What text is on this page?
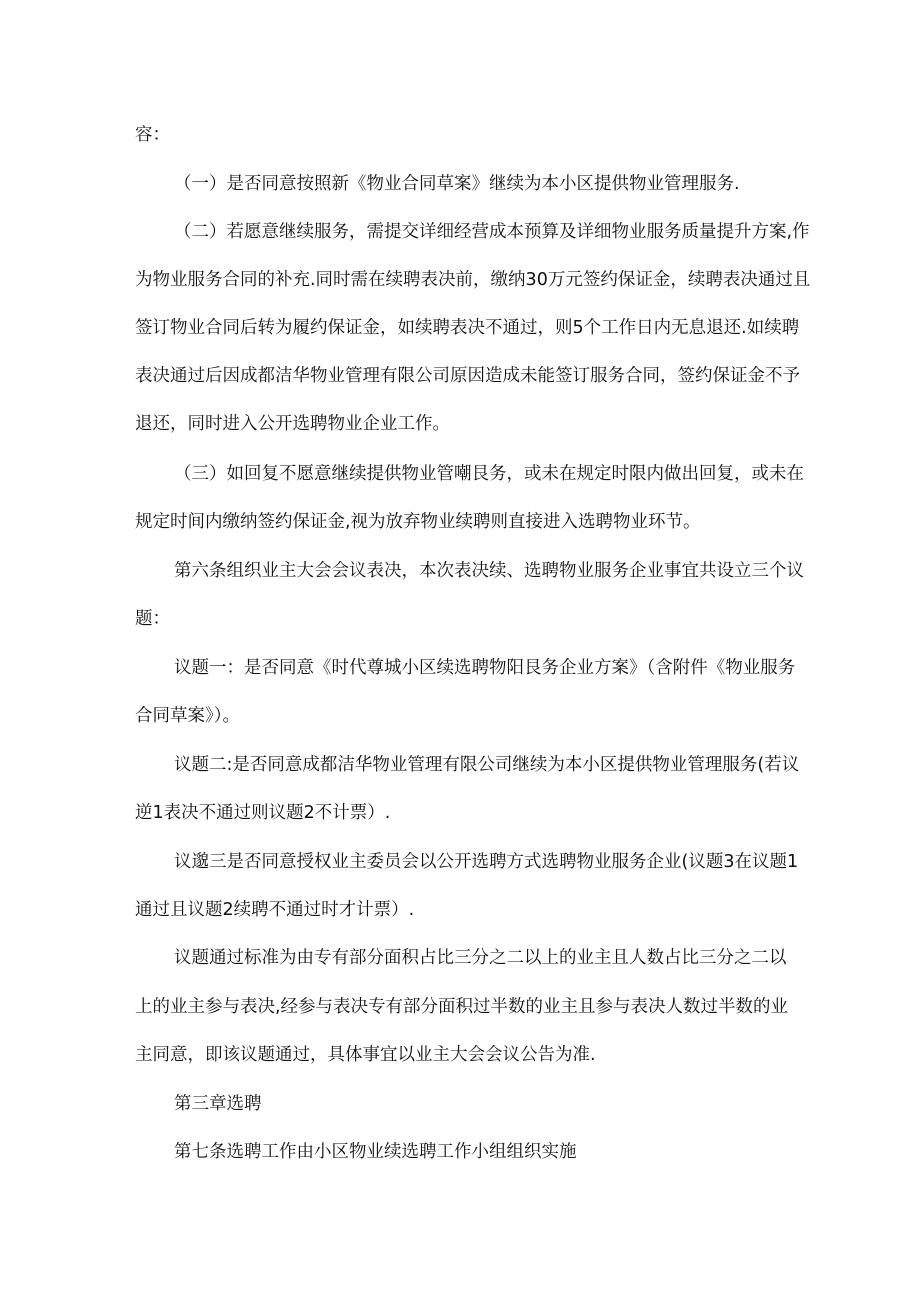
容：
（一）是否同意按照新《物业合同草案》继续为本小区提供物业管理服务.
（二）若愿意继续服务，需提交详细经营成本预算及详细物业服务质量提升方案,作
为物业服务合同的补充.同时需在续聘表决前，缴纳30万元签约保证金，续聘表决通过且
签订物业合同后转为履约保证金，如续聘表决不通过，则5个工作日内无息退还.如续聘
表决通过后因成都洁华物业管理有限公司原因造成未能签订服务合同，签约保证金不予
退还，同时进入公开选聘物业企业工作。
（三）如回复不愿意继续提供物业管嘲艮务，或未在规定时限内做出回复，或未在
规定时间内缴纳签约保证金,视为放弃物业续聘则直接进入选聘物业环节。
第六条组织业主大会会议表决，本次表决续、选聘物业服务企业事宜共设立三个议
题：
议题一：是否同意《时代尊城小区续选聘物阳艮务企业方案》（含附件《物业服务
合同草案》）。
议题二:是否同意成都洁华物业管理有限公司继续为本小区提供物业管理服务(若议
逆1表决不通过则议题2不计票）.
议邈三是否同意授权业主委员会以公开选聘方式选聘物业服务企业(议题3在议题1
通过且议题2续聘不通过时才计票）.
议题通过标准为由专有部分面积占比三分之二以上的业主且人数占比三分之二以
上的业主参与表决,经参与表决专有部分面积过半数的业主且参与表决人数过半数的业
主同意，即该议题通过，具体事宜以业主大会会议公告为准.
第三章选聘
第七条选聘工作由小区物业续选聘工作小组组织实施
